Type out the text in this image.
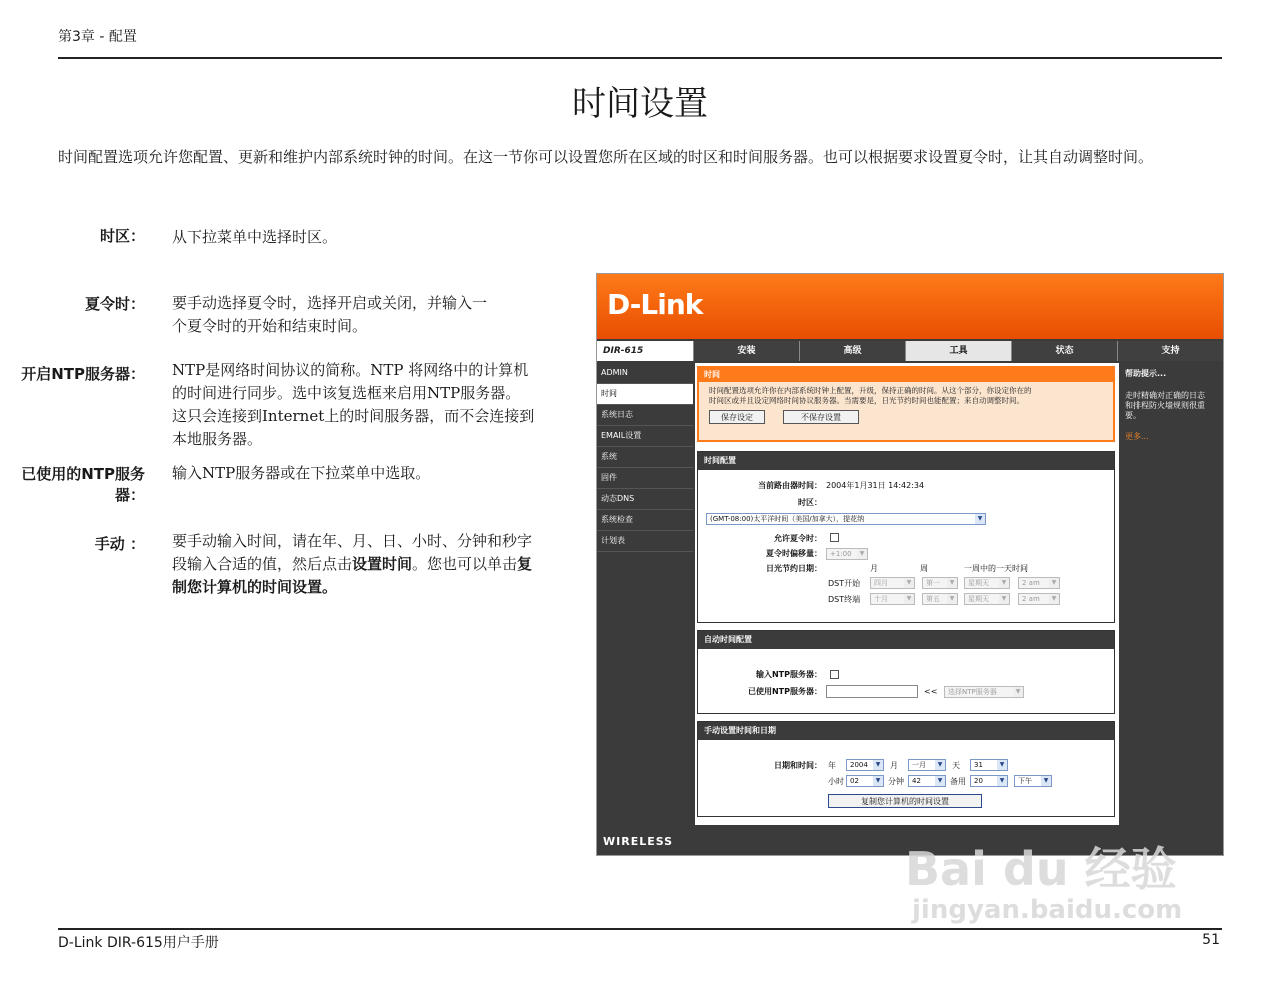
第3章 - 配置
时间设置
时间配置选项允许您配置、更新和维护内部系统时钟的时间。在这一节你可以设置您所在区域的时区和时间服务器。也可以根据要求设置夏令时，让其自动调整时间。
时区： 从下拉菜单中选择时区。
夏令时： 要手动选择夏令时，选择开启或关闭，并输入一
个夏令时的开始和结束时间。
开启NTP服务器： NTP是网络时间协议的简称。NTP 将网络中的计算机
的时间进行同步。选中该复选框来启用NTP服务器。
这只会连接到Internet上的时间服务器，而不会连接到
本地服务器。
已使用的NTP服务器：
输入NTP服务器或在下拉菜单中选取。
手动 ： 要手动输入时间，请在年、月、日、小时、分钟和秒字
段输入合适的值，然后点击设置时间。您也可以单击复
制您计算机的时间设置。
D-Link
DIR-615	安装	高级	工具	状态	支持
ADMIN
时间
系统日志
EMAIL设置
系统
固件
动态DNS
系统检查
计划表
时间
时间配置选项允许你在内部系统时钟上配置，升级，保持正确的时间。从这个部分，你设定你在的
时间区或并且设定网络时间协议服务器。当需要是，日光节约时间也能配置；来自动调整时间。
保存设定	不保存设置
时间配置
当前路由器时间： 2004年1月31日 14:42:34
时区：
(GMT-08:00)太平洋时间（美国/加拿大），提花纳	▼
允许夏令时：
夏令时偏移量：	+1:00	▼
日光节约日期：	月	周	一周中的一天时间
DST开始	四月	▼	第一	▼	星期天	▼	2 am	▼
DST终端	十月	▼	第五	▼	星期天	▼	2 am	▼
自动时间配置
输入NTP服务器：
已使用NTP服务器：	<<	选择NTP服务器	▼
手动设置时间和日期
日期和时间： 年	2004	▼	月	一月	▼	天	31	▼
小时 02	▼ 分钟	42	▼ 备用	20	▼	下午	▼
复制您计算机的时间设置
帮助提示...
走时精确对正确的日志
和排程防火墙规则很重
要。
更多...
WIRELESS
Bai du 经验
jingyan.baidu.com
D-Link DIR-615用户手册	51
